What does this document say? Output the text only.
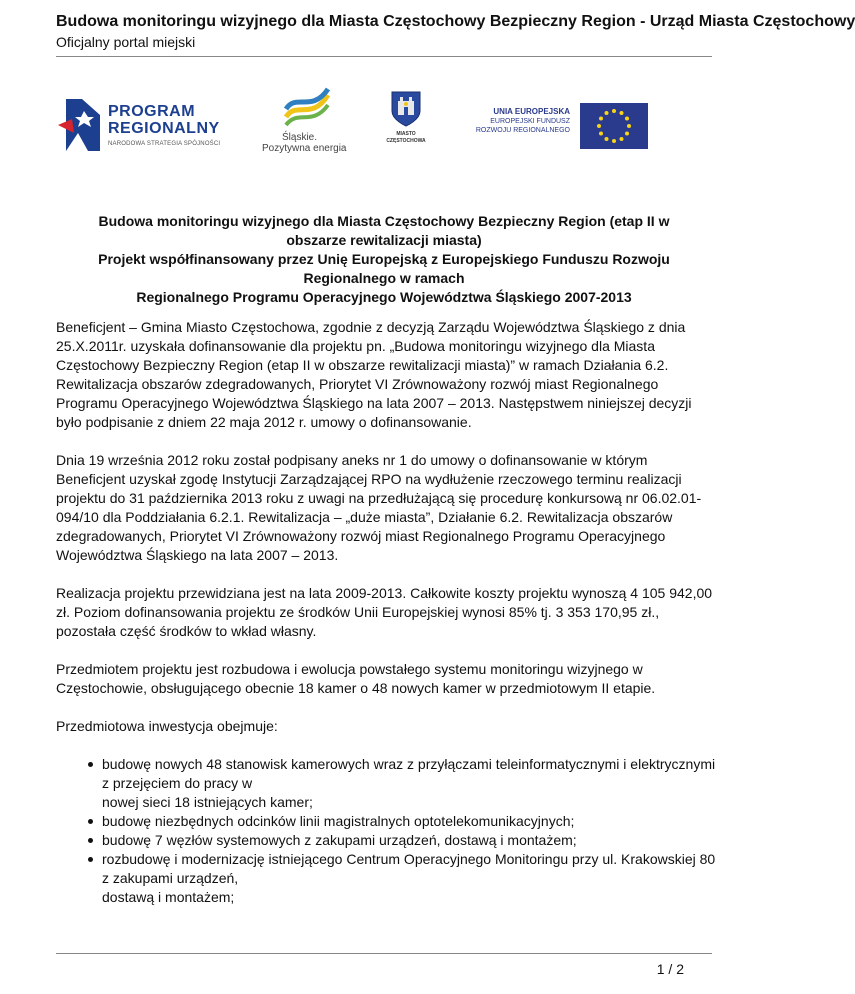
Budowa monitoringu wizyjnego dla Miasta Częstochowy Bezpieczny Region - Urząd Miasta Częstochowy
Oficjalny portal miejski
PROGRAM
REGIONALNY
NARODOWA STRATEGIA SPÓJNOŚCI
Śląskie.
Pozytywna energia
MIASTO
CZĘSTOCHOWA
UNIA EUROPEJSKA
EUROPEJSKI FUNDUSZ
ROZWOJU REGIONALNEGO
Budowa monitoringu wizyjnego dla Miasta Częstochowy Bezpieczny Region (etap II w
obszarze rewitalizacji miasta)
Projekt współfinansowany przez Unię Europejską z Europejskiego Funduszu Rozwoju
Regionalnego w ramach
Regionalnego Programu Operacyjnego Województwa Śląskiego 2007-2013

Beneficjent – Gmina Miasto Częstochowa, zgodnie z decyzją Zarządu Województwa Śląskiego z dnia 25.X.2011r. uzyskała dofinansowanie dla projektu pn. „Budowa monitoringu wizyjnego dla Miasta Częstochowy Bezpieczny Region (etap II w obszarze rewitalizacji miasta)” w ramach Działania 6.2. Rewitalizacja obszarów zdegradowanych, Priorytet VI Zrównoważony rozwój miast Regionalnego Programu Operacyjnego Województwa Śląskiego na lata 2007 – 2013. Następstwem niniejszej decyzji było podpisanie z dniem 22 maja 2012 r. umowy o dofinansowanie.

Dnia 19 września 2012 roku został podpisany aneks nr 1 do umowy o dofinansowanie w którym Beneficjent uzyskał zgodę Instytucji Zarządzającej RPO na wydłużenie rzeczowego terminu realizacji projektu do 31 października 2013 roku z uwagi na przedłużającą się procedurę konkursową nr 06.02.01-094/10 dla Poddziałania 6.2.1. Rewitalizacja – „duże miasta”, Działanie 6.2. Rewitalizacja obszarów zdegradowanych, Priorytet VI Zrównoważony rozwój miast Regionalnego Programu Operacyjnego Województwa Śląskiego na lata 2007 – 2013.

Realizacja projektu przewidziana jest na lata 2009-2013. Całkowite koszty projektu wynoszą 4 105 942,00 zł. Poziom dofinansowania projektu ze środków Unii Europejskiej wynosi 85% tj. 3 353 170,95 zł., pozostała część środków to wkład własny.

Przedmiotem projektu jest rozbudowa i ewolucja powstałego systemu monitoringu wizyjnego w Częstochowie, obsługującego obecnie 18 kamer o 48 nowych kamer w przedmiotowym II etapie.

Przedmiotowa inwestycja obejmuje:

budowę nowych 48 stanowisk kamerowych wraz z przyłączami teleinformatycznymi i elektrycznymi z przejęciem do pracy w
nowej sieci 18 istniejących kamer;
budowę niezbędnych odcinków linii magistralnych optotelekomunikacyjnych;
budowę 7 węzłów systemowych z zakupami urządzeń, dostawą i montażem;
rozbudowę i modernizację istniejącego Centrum Operacyjnego Monitoringu przy ul. Krakowskiej 80 z zakupami urządzeń,
dostawą i montażem;
1 / 2
